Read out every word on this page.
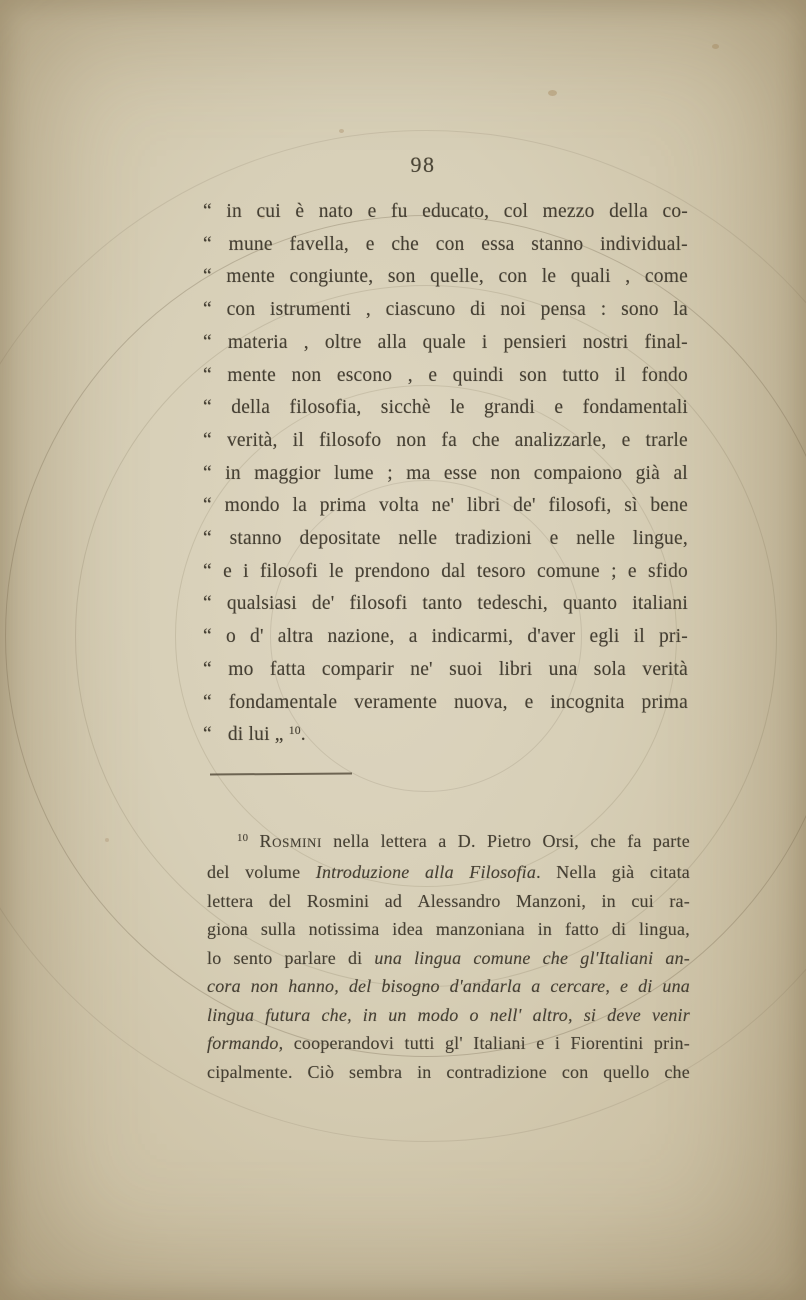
98
“ in cui è nato e fu educato, col mezzo della co-
“ mune favella, e che con essa stanno individual-
“ mente congiunte, son quelle, con le quali , come
“ con istrumenti , ciascuno di noi pensa : sono la
“ materia , oltre alla quale i pensieri nostri final-
“ mente non escono , e quindi son tutto il fondo
“ della filosofia, sicchè le grandi e fondamentali
“ verità, il filosofo non fa che analizzarle, e trarle
“ in maggior lume ; ma esse non compaiono già al
“ mondo la prima volta ne' libri de' filosofi, sì bene
“ stanno depositate nelle tradizioni e nelle lingue,
“ e i filosofi le prendono dal tesoro comune ; e sfido
“ qualsiasi de' filosofi tanto tedeschi, quanto italiani
“ o d' altra nazione, a indicarmi, d'aver egli il pri-
“ mo fatta comparir ne' suoi libri una sola verità
“ fondamentale veramente nuova, e incognita prima
“ di lui „ $^{10}$.
$^{10}$ Rosmini nella lettera a D. Pietro Orsi, che fa parte
del volume Introduzione alla Filosofia. Nella già citata
lettera del Rosmini ad Alessandro Manzoni, in cui ra-
giona sulla notissima idea manzoniana in fatto di lingua,
lo sento parlare di una lingua comune che gl'Italiani an-
cora non hanno, del bisogno d'andarla a cercare, e di una
lingua futura che, in un modo o nell' altro, si deve venir
formando, cooperandovi tutti gl' Italiani e i Fiorentini prin-
cipalmente. Ciò sembra in contradizione con quello che
